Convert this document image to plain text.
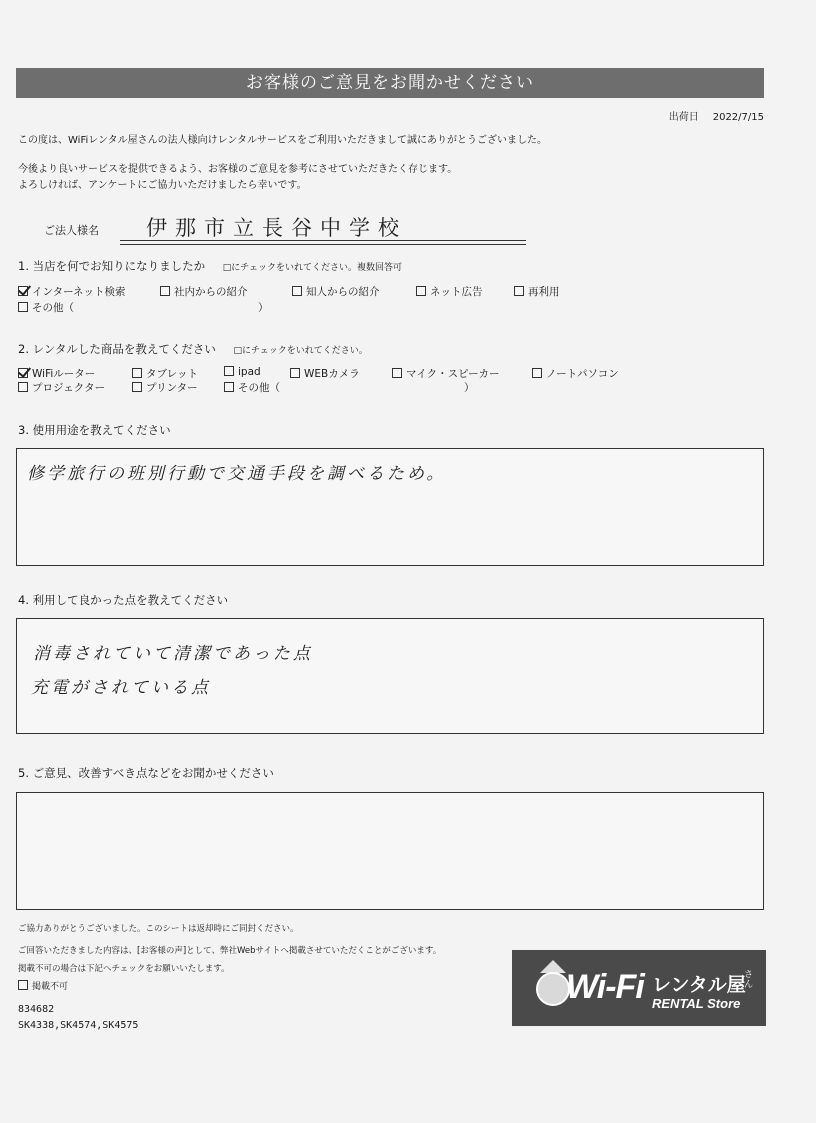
お客様のご意見をお聞かせください
出荷日 2022/7/15
この度は、WiFiレンタル屋さんの法人様向けレンタルサービスをご利用いただきまして誠にありがとうございました。
今後より良いサービスを提供できるよう、お客様のご意見を参考にさせていただきたく存じます。
よろしければ、アンケートにご協力いただけましたら幸いです。
ご法人様名	伊那市立長谷中学校
1. 当店を何でお知りになりましたか □にチェックをいれてください。複数回答可
インターネット検索	社内からの紹介	知人からの紹介	ネット広告	再利用
その他（	）
2. レンタルした商品を教えてください □にチェックをいれてください。
WiFiルーター	タブレット	ipad	WEBカメラ	マイク・スピーカー	ノートパソコン
プロジェクター	プリンター	その他（	）
3. 使用用途を教えてください
修学旅行の班別行動で交通手段を調べるため。
4. 利用して良かった点を教えてください
消毒されていて清潔であった点
充電がされている点
5. ご意見、改善すべき点などをお聞かせください
ご協力ありがとうございました。このシートは返却時にご同封ください。
ご回答いただきました内容は、[お客様の声]として、弊社Webサイトへ掲載させていただくことがございます。
掲載不可の場合は下記へチェックをお願いいたします。
掲載不可
834682
SK4338,SK4574,SK4575
Wi-Fi レンタル屋
さん
RENTAL Store
